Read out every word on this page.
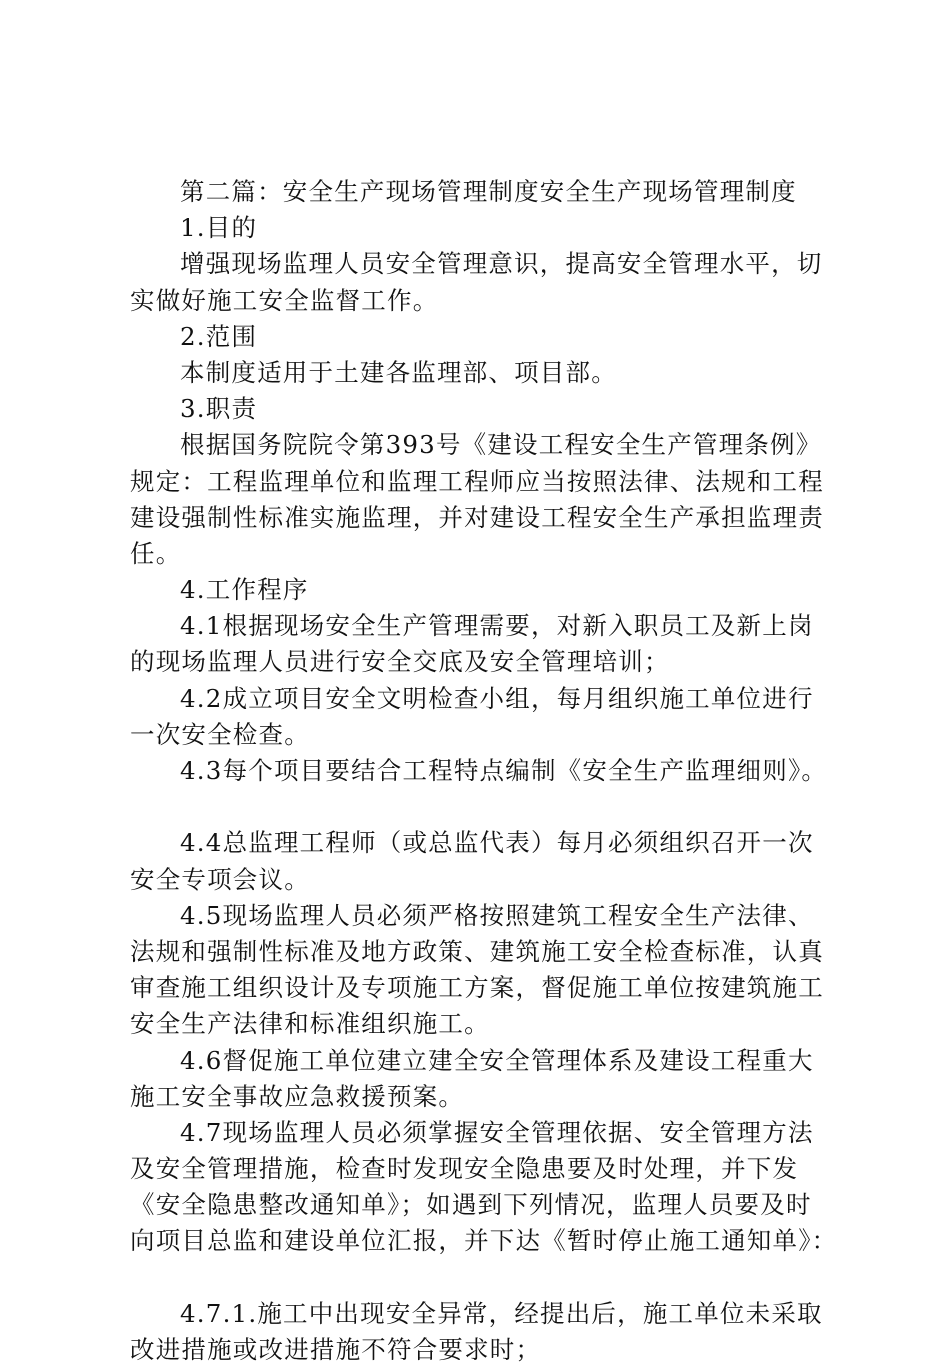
第二篇：安全生产现场管理制度安全生产现场管理制度
1.目的
增强现场监理人员安全管理意识，提高安全管理水平，切
实做好施工安全监督工作。
2.范围
本制度适用于土建各监理部、项目部。
3.职责
根据国务院院令第393号《建设工程安全生产管理条例》
规定：工程监理单位和监理工程师应当按照法律、法规和工程
建设强制性标准实施监理，并对建设工程安全生产承担监理责
任。
4.工作程序
4.1根据现场安全生产管理需要，对新入职员工及新上岗
的现场监理人员进行安全交底及安全管理培训；
4.2成立项目安全文明检查小组，每月组织施工单位进行
一次安全检查。
4.3每个项目要结合工程特点编制《安全生产监理细则》。
4.4总监理工程师（或总监代表）每月必须组织召开一次
安全专项会议。
4.5现场监理人员必须严格按照建筑工程安全生产法律、
法规和强制性标准及地方政策、建筑施工安全检查标准，认真
审查施工组织设计及专项施工方案，督促施工单位按建筑施工
安全生产法律和标准组织施工。
4.6督促施工单位建立建全安全管理体系及建设工程重大
施工安全事故应急救援预案。
4.7现场监理人员必须掌握安全管理依据、安全管理方法
及安全管理措施，检查时发现安全隐患要及时处理，并下发
《安全隐患整改通知单》；如遇到下列情况，监理人员要及时
向项目总监和建设单位汇报，并下达《暂时停止施工通知单》：
4.7.1.施工中出现安全异常，经提出后，施工单位未采取
改进措施或改进措施不符合要求时；
